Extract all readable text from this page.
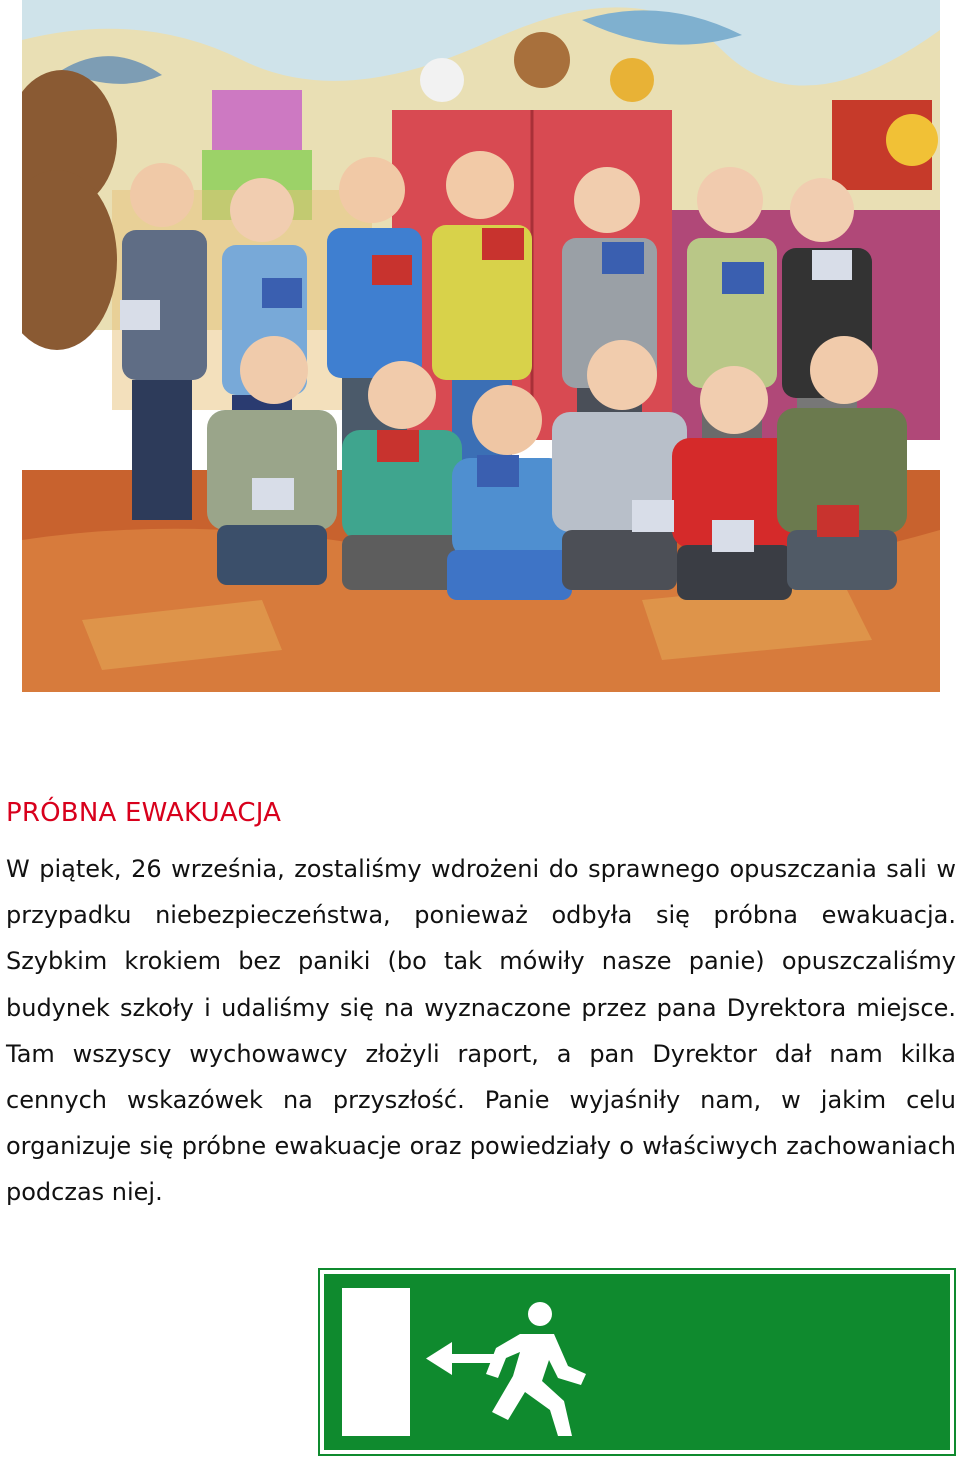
PRÓBNA EWAKUACJA

W piątek, 26 września, zostaliśmy wdrożeni do sprawnego opuszczania sali w przypadku niebezpieczeństwa, ponieważ odbyła się próbna ewakuacja. Szybkim krokiem bez paniki (bo tak mówiły nasze panie) opuszczaliśmy budynek szkoły i udaliśmy się na wyznaczone przez pana Dyrektora miejsce. Tam wszyscy wychowawcy złożyli raport, a pan Dyrektor dał nam kilka cennych wskazówek na przyszłość. Panie wyjaśniły nam, w jakim celu organizuje się próbne ewakuacje oraz powiedziały o właściwych zachowaniach podczas niej.
